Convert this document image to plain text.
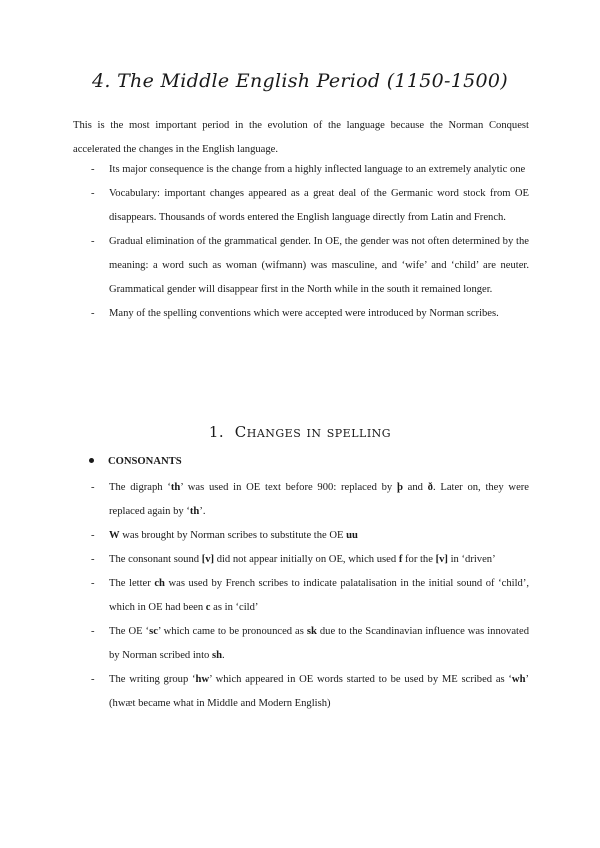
4. The Middle English Period (1150-1500)

This is the most important period in the evolution of the language because the Norman Conquest accelerated the changes in the English language.

- Its major consequence is the change from a highly inflected language to an extremely analytic one
- Vocabulary: important changes appeared as a great deal of the Germanic word stock from OE disappears. Thousands of words entered the English language directly from Latin and French.
- Gradual elimination of the grammatical gender. In OE, the gender was not often determined by the meaning: a word such as woman (wifmann) was masculine, and ‘wife’ and ‘child’ are neuter. Grammatical gender will disappear first in the North while in the south it remained longer.
- Many of the spelling conventions which were accepted were introduced by Norman scribes.
1. Changes in spelling
CONSONANTS
- The digraph ‘th’ was used in OE text before 900: replaced by þ and ð. Later on, they were replaced again by ‘th’.
- W was brought by Norman scribes to substitute the OE uu
- The consonant sound [v] did not appear initially on OE, which used f for the [v] in ‘driven’
- The letter ch was used by French scribes to indicate palatalisation in the initial sound of ‘child’, which in OE had been c as in ‘cild’
- The OE ‘sc’ which came to be pronounced as sk due to the Scandinavian influence was innovated by Norman scribed into sh.
- The writing group ‘hw’ which appeared in OE words started to be used by ME scribed as ‘wh’ (hwæt became what in Middle and Modern English)
